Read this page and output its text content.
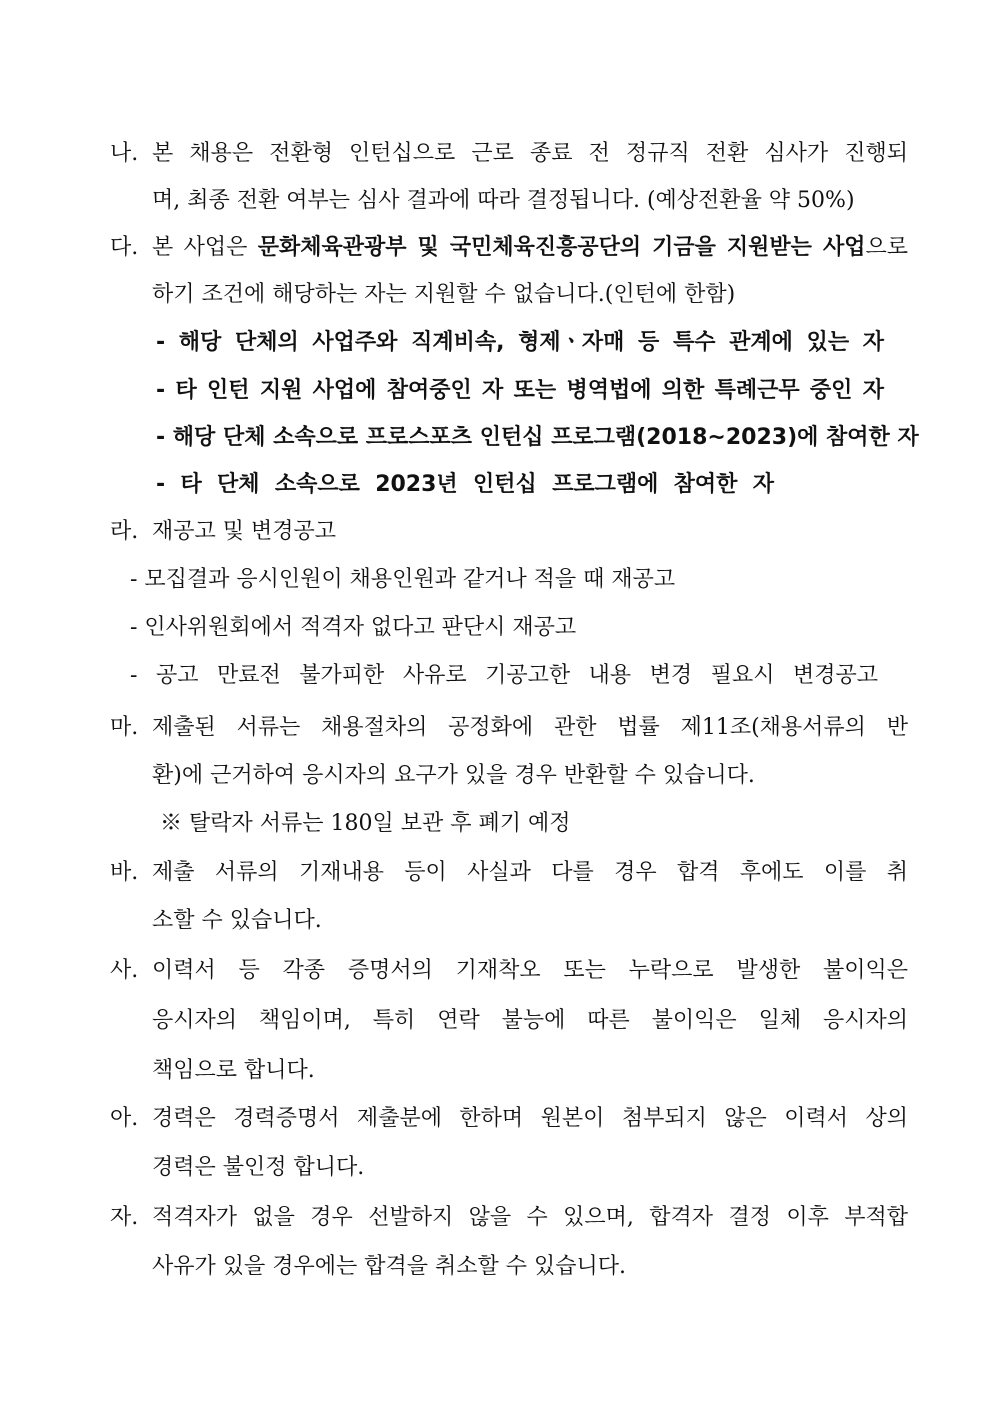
나. 본 채용은 전환형 인턴십으로 근로 종료 전 정규직 전환 심사가 진행되
며, 최종 전환 여부는 심사 결과에 따라 결정됩니다. (예상전환율 약 50%)
다. 본 사업은 문화체육관광부 및 국민체육진흥공단의 기금을 지원받는 사업으로
하기 조건에 해당하는 자는 지원할 수 없습니다.(인턴에 한함)
- 해당 단체의 사업주와 직계비속, 형제ㆍ자매 등 특수 관계에 있는 자
- 타 인턴 지원 사업에 참여중인 자 또는 병역법에 의한 특례근무 중인 자
- 해당 단체 소속으로 프로스포츠 인턴십 프로그램(2018~2023)에 참여한 자
- 타 단체 소속으로 2023년 인턴십 프로그램에 참여한 자
라. 재공고 및 변경공고
- 모집결과 응시인원이 채용인원과 같거나 적을 때 재공고
- 인사위원회에서 적격자 없다고 판단시 재공고
- 공고 만료전 불가피한 사유로 기공고한 내용 변경 필요시 변경공고
마. 제출된 서류는 채용절차의 공정화에 관한 법률 제11조(채용서류의 반
환)에 근거하여 응시자의 요구가 있을 경우 반환할 수 있습니다.
※ 탈락자 서류는 180일 보관 후 폐기 예정
바. 제출 서류의 기재내용 등이 사실과 다를 경우 합격 후에도 이를 취
소할 수 있습니다.
사. 이력서 등 각종 증명서의 기재착오 또는 누락으로 발생한 불이익은
응시자의 책임이며, 특히 연락 불능에 따른 불이익은 일체 응시자의
책임으로 합니다.
아. 경력은 경력증명서 제출분에 한하며 원본이 첨부되지 않은 이력서 상의
경력은 불인정 합니다.
자. 적격자가 없을 경우 선발하지 않을 수 있으며, 합격자 결정 이후 부적합
사유가 있을 경우에는 합격을 취소할 수 있습니다.
